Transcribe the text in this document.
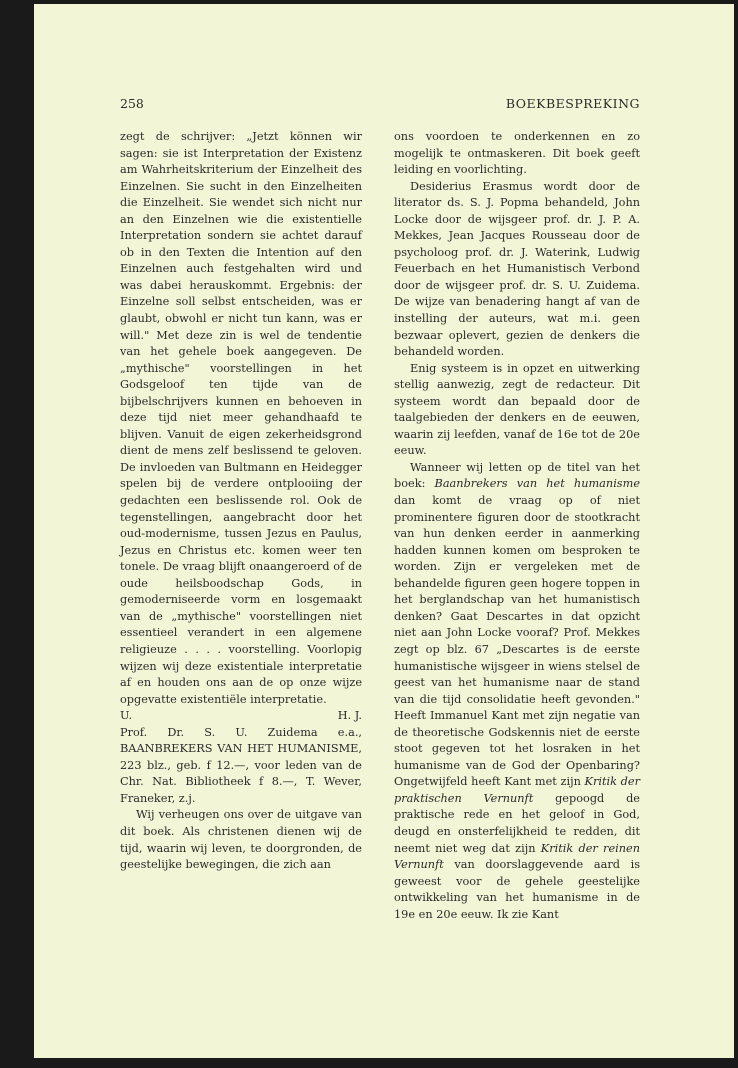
258	BOEKBESPREKING

zegt de schrijver: „Jetzt können wir sagen: sie ist Interpretation der Existenz am Wahrheitskriterium der Einzelheit des Einzelnen. Sie sucht in den Einzelheiten die Einzelheit. Sie wendet sich nicht nur an den Einzelnen wie die existentielle Interpretation sondern sie achtet darauf ob in den Texten die Intention auf den Einzelnen auch festgehalten wird und was dabei herauskommt. Ergebnis: der Einzelne soll selbst entscheiden, was er glaubt, obwohl er nicht tun kann, was er will." Met deze zin is wel de tendentie van het gehele boek aangegeven. De „mythische" voorstellingen in het Godsgeloof ten tijde van de bijbelschrijvers kunnen en behoeven in deze tijd niet meer gehandhaafd te blijven. Vanuit de eigen zekerheidsgrond dient de mens zelf beslissend te geloven. De invloeden van Bultmann en Heidegger spelen bij de verdere ontplooiing der gedachten een beslissende rol. Ook de tegenstellingen, aangebracht door het oud-modernisme, tussen Jezus en Paulus, Jezus en Christus etc. komen weer ten tonele. De vraag blijft onaangeroerd of de oude heilsboodschap Gods, in gemoderniseerde vorm en losgemaakt van de „mythische" voorstellingen niet essentieel verandert in een algemene religieuze . . . . voorstelling. Voorlopig wijzen wij deze existentiale interpretatie af en houden ons aan de op onze wijze opgevatte existentiële interpretatie.

U.	H. J.

Prof. Dr. S. U. Zuidema e.a., BAANBREKERS VAN HET HUMANISME, 223 blz., geb. f 12.—, voor leden van de Chr. Nat. Bibliotheek f 8.—, T. Wever, Franeker, z.j.

Wij verheugen ons over de uitgave van dit boek. Als christenen dienen wij de tijd, waarin wij leven, te doorgronden, de geestelijke bewegingen, die zich aan

ons voordoen te onderkennen en zo mogelijk te ontmaskeren. Dit boek geeft leiding en voorlichting.

Desiderius Erasmus wordt door de literator ds. S. J. Popma behandeld, John Locke door de wijsgeer prof. dr. J. P. A. Mekkes, Jean Jacques Rousseau door de psycholoog prof. dr. J. Waterink, Ludwig Feuerbach en het Humanistisch Verbond door de wijsgeer prof. dr. S. U. Zuidema. De wijze van benadering hangt af van de instelling der auteurs, wat m.i. geen bezwaar oplevert, gezien de denkers die behandeld worden.

Enig systeem is in opzet en uitwerking stellig aanwezig, zegt de redacteur. Dit systeem wordt dan bepaald door de taalgebieden der denkers en de eeuwen, waarin zij leefden, vanaf de 16e tot de 20e eeuw.

Wanneer wij letten op de titel van het boek: Baanbrekers van het humanisme dan komt de vraag op of niet prominentere figuren door de stootkracht van hun denken eerder in aanmerking hadden kunnen komen om besproken te worden. Zijn er vergeleken met de behandelde figuren geen hogere toppen in het berglandschap van het humanistisch denken? Gaat Descartes in dat opzicht niet aan John Locke vooraf? Prof. Mekkes zegt op blz. 67 „Descartes is de eerste humanistische wijsgeer in wiens stelsel de geest van het humanisme naar de stand van die tijd consolidatie heeft gevonden." Heeft Immanuel Kant met zijn negatie van de theoretische Godskennis niet de eerste stoot gegeven tot het losraken in het humanisme van de God der Openbaring? Ongetwijfeld heeft Kant met zijn Kritik der praktischen Vernunft gepoogd de praktische rede en het geloof in God, deugd en onsterfelijkheid te redden, dit neemt niet weg dat zijn Kritik der reinen Vernunft van doorslaggevende aard is geweest voor de gehele geestelijke ontwikkeling van het humanisme in de 19e en 20e eeuw. Ik zie Kant
